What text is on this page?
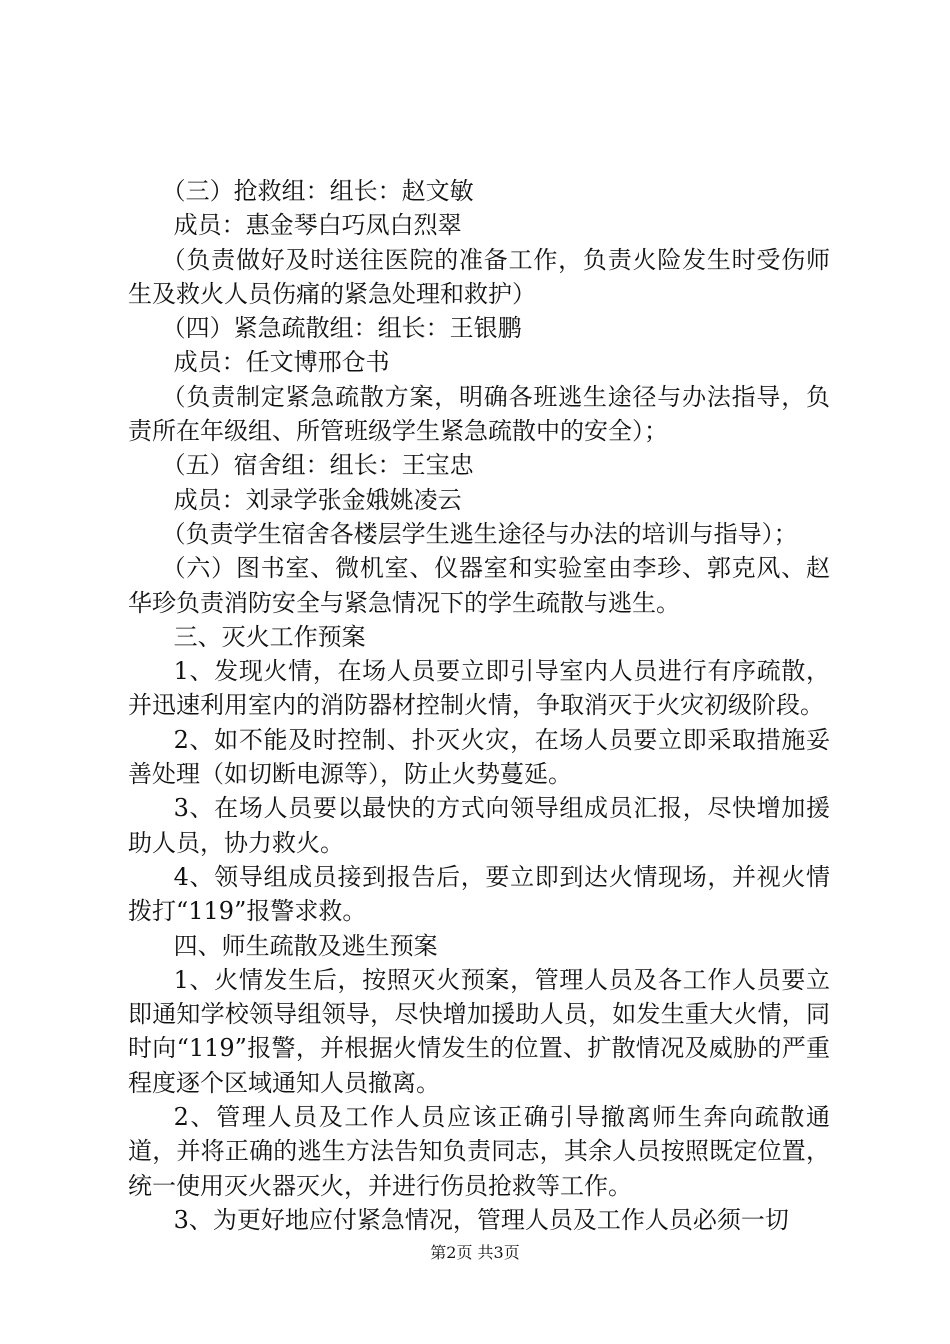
（三）抢救组：组长：赵文敏

成员：惠金琴白巧凤白烈翠

（负责做好及时送往医院的准备工作，负责火险发生时受伤师生及救火人员伤痛的紧急处理和救护）

（四）紧急疏散组：组长：王银鹏

成员：任文博邢仓书

（负责制定紧急疏散方案，明确各班逃生途径与办法指导，负责所在年级组、所管班级学生紧急疏散中的安全）；

（五）宿舍组：组长：王宝忠

成员：刘录学张金娥姚凌云

（负责学生宿舍各楼层学生逃生途径与办法的培训与指导）；

（六）图书室、微机室、仪器室和实验室由李珍、郭克风、赵华珍负责消防安全与紧急情况下的学生疏散与逃生。

三、灭火工作预案

1、发现火情，在场人员要立即引导室内人员进行有序疏散，并迅速利用室内的消防器材控制火情，争取消灭于火灾初级阶段。

2、如不能及时控制、扑灭火灾，在场人员要立即采取措施妥善处理（如切断电源等），防止火势蔓延。

3、在场人员要以最快的方式向领导组成员汇报，尽快增加援助人员，协力救火。

4、领导组成员接到报告后，要立即到达火情现场，并视火情拨打“119”报警求救。

四、师生疏散及逃生预案

1、火情发生后，按照灭火预案，管理人员及各工作人员要立即通知学校领导组领导，尽快增加援助人员，如发生重大火情，同时向“119”报警，并根据火情发生的位置、扩散情况及威胁的严重程度逐个区域通知人员撤离。

2、管理人员及工作人员应该正确引导撤离师生奔向疏散通道，并将正确的逃生方法告知负责同志，其余人员按照既定位置，统一使用灭火器灭火，并进行伤员抢救等工作。

3、为更好地应付紧急情况，管理人员及工作人员必须一切

第2页 共3页
